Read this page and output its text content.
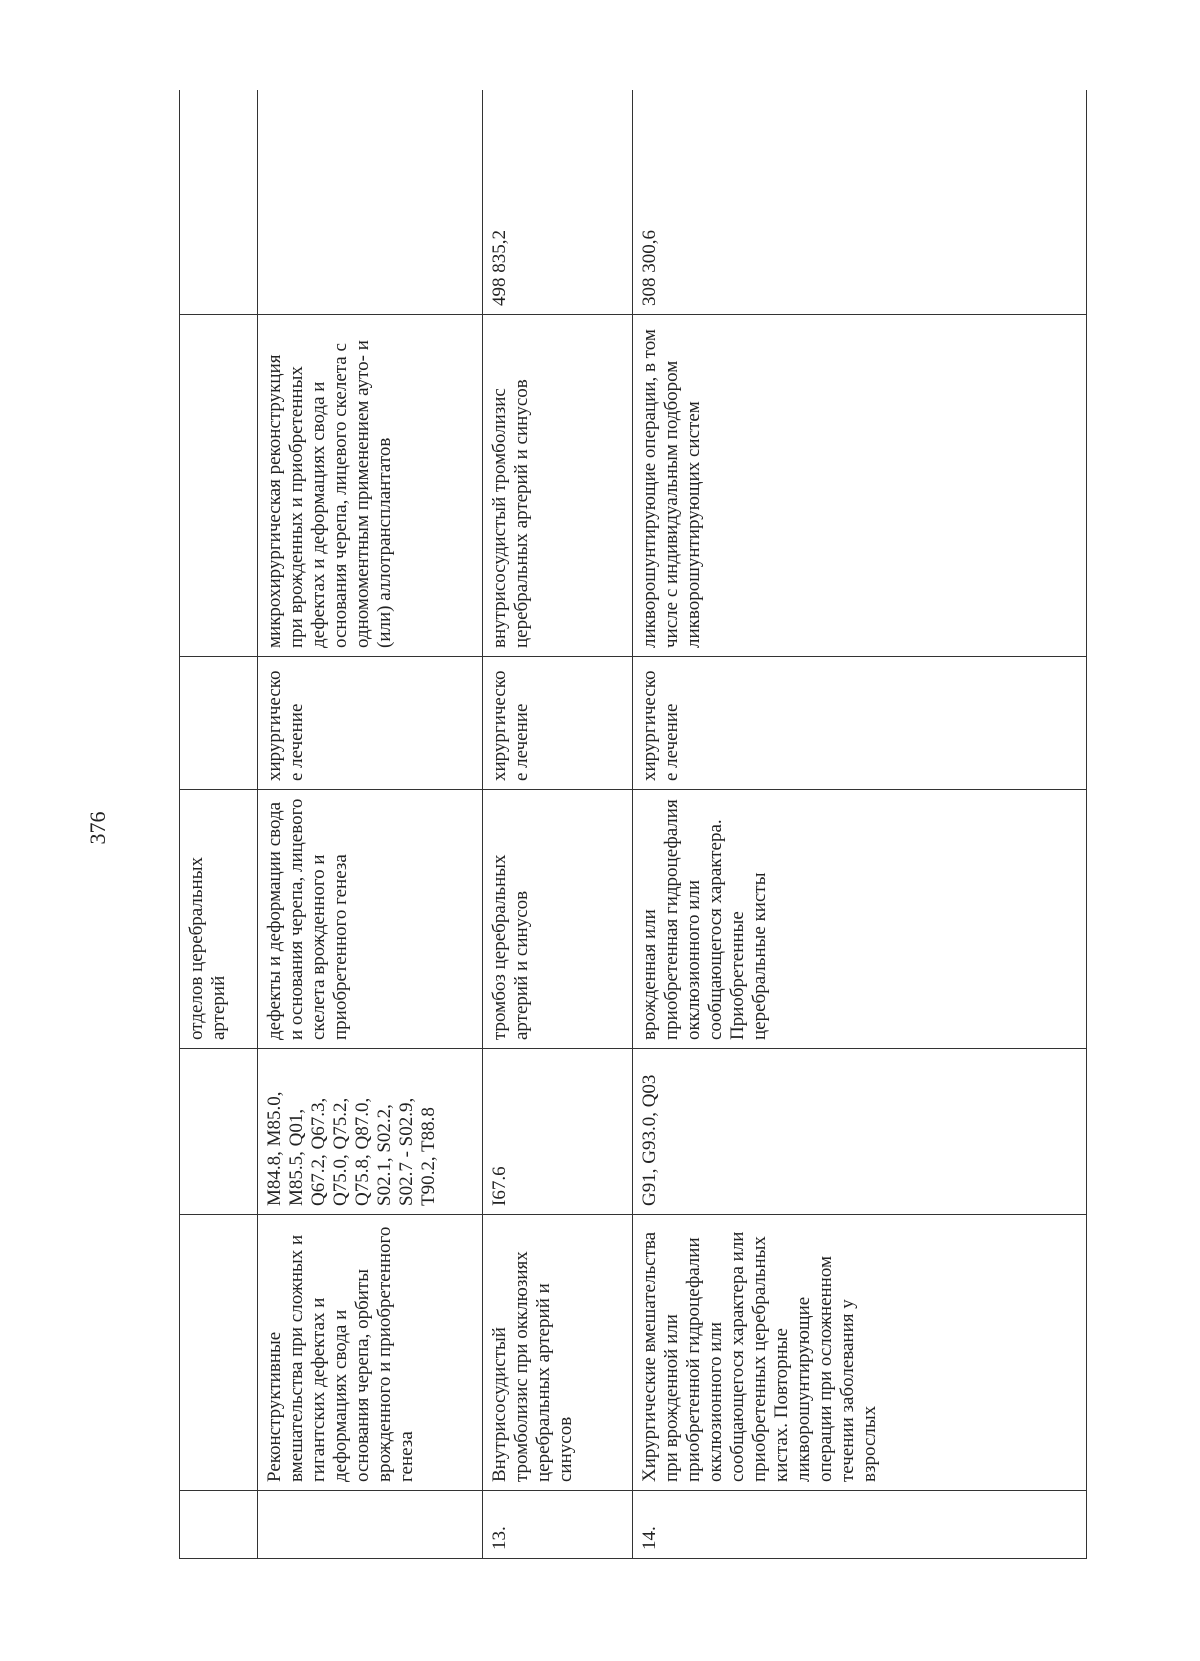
376
			отделов церебральных артерий			
	Реконструктивные вмешательства при сложных и гигантских дефектах и деформациях свода и основания черепа, орбиты врожденного и приобретенного генеза	M84.8, M85.0, M85.5, Q01, Q67.2, Q67.3, Q75.0, Q75.2, Q75.8, Q87.0, S02.1, S02.2, S02.7 - S02.9, T90.2, T88.8	дефекты и деформации свода и основания черепа, лицевого скелета врожденного и приобретенного генеза	хирургическое лечение	микрохирургическая реконструкция при врожденных и приобретенных дефектах и деформациях свода и основания черепа, лицевого скелета с одномоментным применением ауто- и (или) аллотрансплантатов	
13.	Внутрисосудистый тромболизис при окклюзиях церебральных артерий и синусов	I67.6	тромбоз церебральных артерий и синусов	хирургическое лечение	внутрисосудистый тромболизис церебральных артерий и синусов	498 835,2
14.	Хирургические вмешательства при врожденной или приобретенной гидроцефалии окклюзионного или сообщающегося характера или приобретенных церебральных кистах. Повторные ликворошунтирующие операции при осложненном течении заболевания у взрослых	G91, G93.0, Q03	врожденная или приобретенная гидроцефалия окклюзионного или сообщающегося характера. Приобретенные церебральные кисты	хирургическое лечение	ликворошунтирующие операции, в том числе с индивидуальным подбором ликворошунтирующих систем	308 300,6
